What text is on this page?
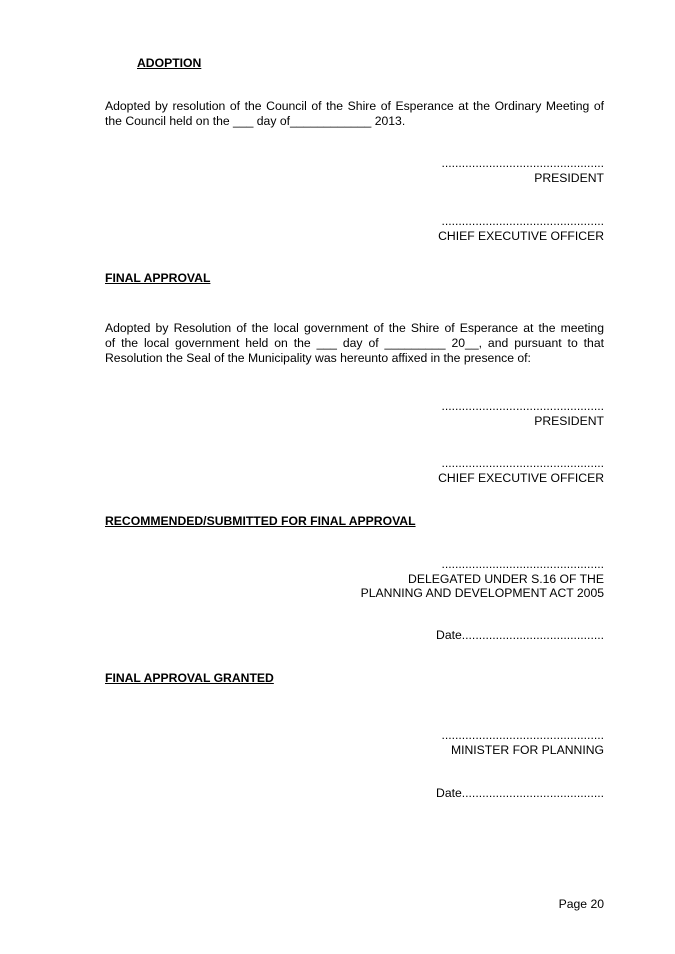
ADOPTION
Adopted by resolution of the Council of the Shire of Esperance at the Ordinary Meeting of
the Council held on the ___ day of____________ 2013.
................................................
PRESIDENT
................................................
CHIEF EXECUTIVE OFFICER
FINAL APPROVAL
Adopted by Resolution of the local government of the Shire of Esperance at the meeting
of the local government held on the ___ day of _________ 20__, and pursuant to that
Resolution the Seal of the Municipality was hereunto affixed in the presence of:
................................................
PRESIDENT
................................................
CHIEF EXECUTIVE OFFICER
RECOMMENDED/SUBMITTED FOR FINAL APPROVAL
................................................
DELEGATED UNDER S.16 OF THE
PLANNING AND DEVELOPMENT ACT 2005
Date..........................................
FINAL APPROVAL GRANTED
................................................
MINISTER FOR PLANNING
Date..........................................
Page 20
